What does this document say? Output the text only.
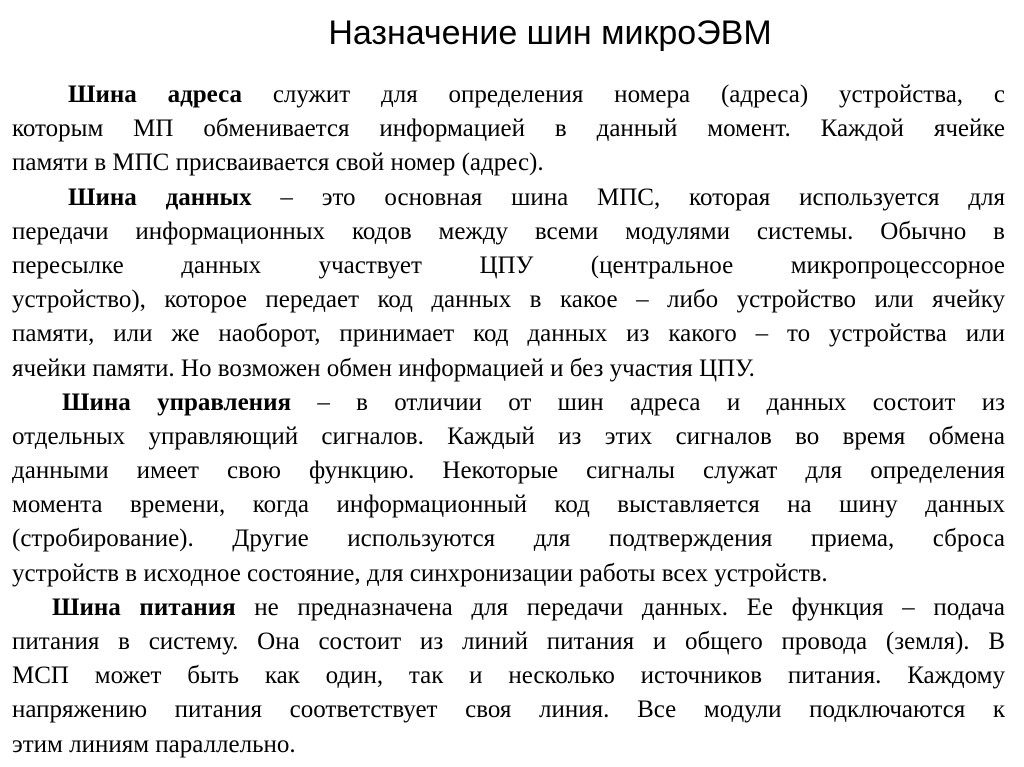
Назначение шин микроЭВМ
Шина адреса служит для определения номера (адреса) устройства, с
которым МП обменивается информацией в данный момент. Каждой ячейке
памяти в МПС присваивается свой номер (адрес).
Шина данных – это основная шина МПС, которая используется для
передачи информационных кодов между всеми модулями системы. Обычно в
пересылке данных участвует ЦПУ (центральное микропроцессорное
устройство), которое передает код данных в какое – либо устройство или ячейку
памяти, или же наоборот, принимает код данных из какого – то устройства или
ячейки памяти. Но возможен обмен информацией и без участия ЦПУ.
Шина управления – в отличии от шин адреса и данных состоит из
отдельных управляющий сигналов. Каждый из этих сигналов во время обмена
данными имеет свою функцию. Некоторые сигналы служат для определения
момента времени, когда информационный код выставляется на шину данных
(стробирование). Другие используются для подтверждения приема, сброса
устройств в исходное состояние, для синхронизации работы всех устройств.
Шина питания не предназначена для передачи данных. Ее функция – подача
питания в систему. Она состоит из линий питания и общего провода (земля). В
МСП может быть как один, так и несколько источников питания. Каждому
напряжению питания соответствует своя линия. Все модули подключаются к
этим линиям параллельно.
